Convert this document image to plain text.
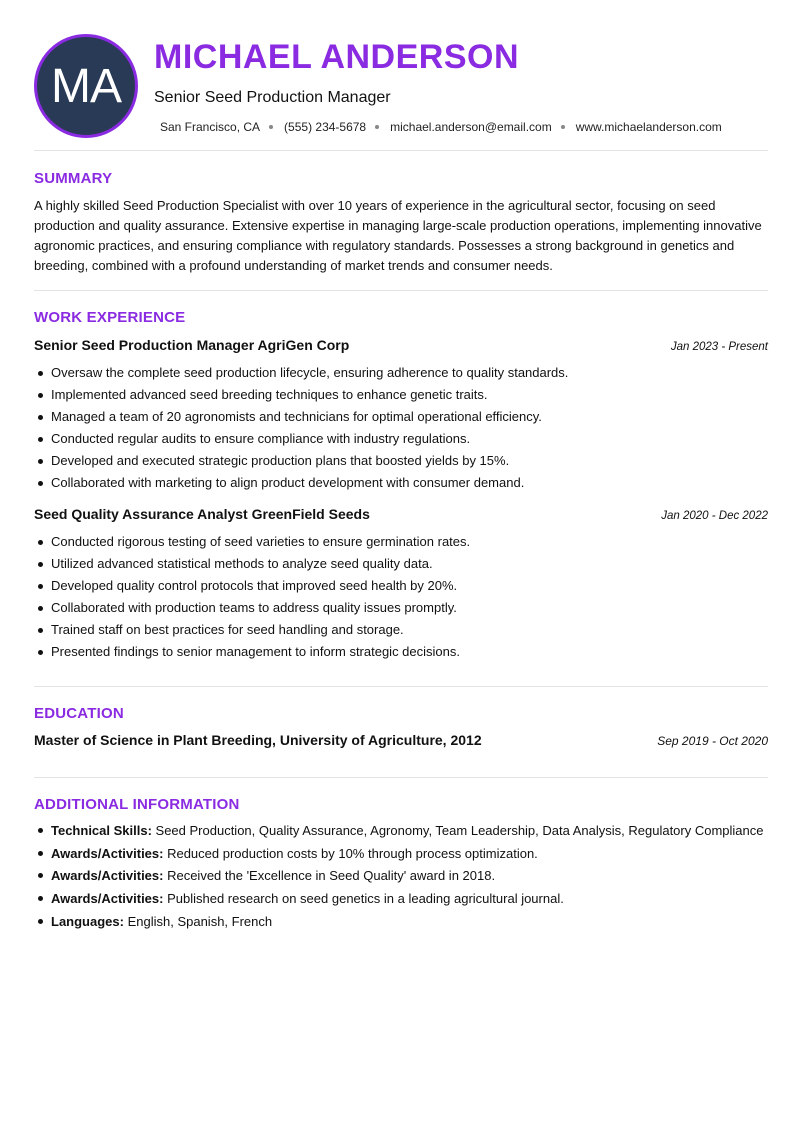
MA
MICHAEL ANDERSON
Senior Seed Production Manager
San Francisco, CA (555) 234-5678 michael.anderson@email.com www.michaelanderson.com
SUMMARY
A highly skilled Seed Production Specialist with over 10 years of experience in the agricultural sector, focusing on seed production and quality assurance. Extensive expertise in managing large-scale production operations, implementing innovative agronomic practices, and ensuring compliance with regulatory standards. Possesses a strong background in genetics and breeding, combined with a profound understanding of market trends and consumer needs.
WORK EXPERIENCE
Senior Seed Production Manager AgriGen Corp	Jan 2023 - Present
Oversaw the complete seed production lifecycle, ensuring adherence to quality standards.
Implemented advanced seed breeding techniques to enhance genetic traits.
Managed a team of 20 agronomists and technicians for optimal operational efficiency.
Conducted regular audits to ensure compliance with industry regulations.
Developed and executed strategic production plans that boosted yields by 15%.
Collaborated with marketing to align product development with consumer demand.
Seed Quality Assurance Analyst GreenField Seeds	Jan 2020 - Dec 2022
Conducted rigorous testing of seed varieties to ensure germination rates.
Utilized advanced statistical methods to analyze seed quality data.
Developed quality control protocols that improved seed health by 20%.
Collaborated with production teams to address quality issues promptly.
Trained staff on best practices for seed handling and storage.
Presented findings to senior management to inform strategic decisions.
EDUCATION
Master of Science in Plant Breeding, University of Agriculture, 2012	Sep 2019 - Oct 2020
ADDITIONAL INFORMATION
Technical Skills: Seed Production, Quality Assurance, Agronomy, Team Leadership, Data Analysis, Regulatory Compliance
Awards/Activities: Reduced production costs by 10% through process optimization.
Awards/Activities: Received the 'Excellence in Seed Quality' award in 2018.
Awards/Activities: Published research on seed genetics in a leading agricultural journal.
Languages: English, Spanish, French
